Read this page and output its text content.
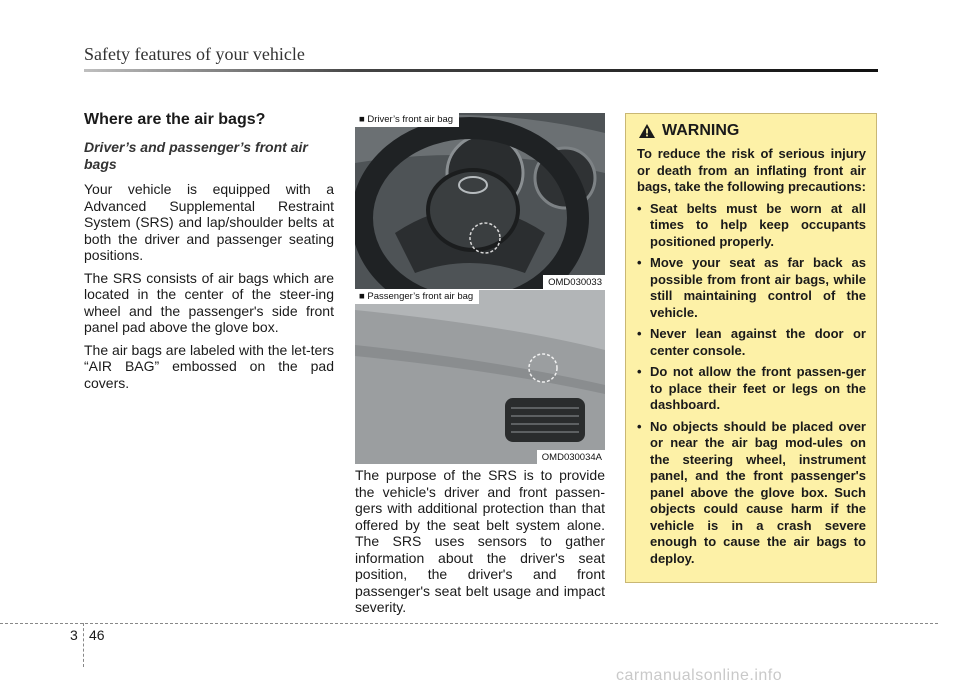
Safety features of your vehicle
Where are the air bags?
Driver’s and passenger’s front air bags

Your vehicle is equipped with a Advanced Supplemental Restraint System (SRS) and lap/shoulder belts at both the driver and passenger seating positions.

The SRS consists of air bags which are located in the center of the steer-ing wheel and the passenger's side front panel pad above the glove box.

The air bags are labeled with the let-ters “AIR BAG” embossed on the pad covers.

■ Driver’s front air bag
OMD030033
■ Passenger’s front air bag
OMD030034A

The purpose of the SRS is to provide the vehicle's driver and front passen-gers with additional protection than that offered by the seat belt system alone. The SRS uses sensors to gather information about the driver's seat position, the driver's and front passenger's seat belt usage and impact severity.

WARNING

To reduce the risk of serious injury or death from an inflating front air bags, take the following precautions:

• Seat belts must be worn at all times to help keep occupants positioned properly.
• Move your seat as far back as possible from front air bags, while still maintaining control of the vehicle.
• Never lean against the door or center console.
• Do not allow the front passen-ger to place their feet or legs on the dashboard.
• No objects should be placed over or near the air bag mod-ules on the steering wheel, instrument panel, and the front passenger's panel above the glove box. Such objects could cause harm if the vehicle is in a crash severe enough to cause the air bags to deploy.
3 46
carmanualsonline.info
